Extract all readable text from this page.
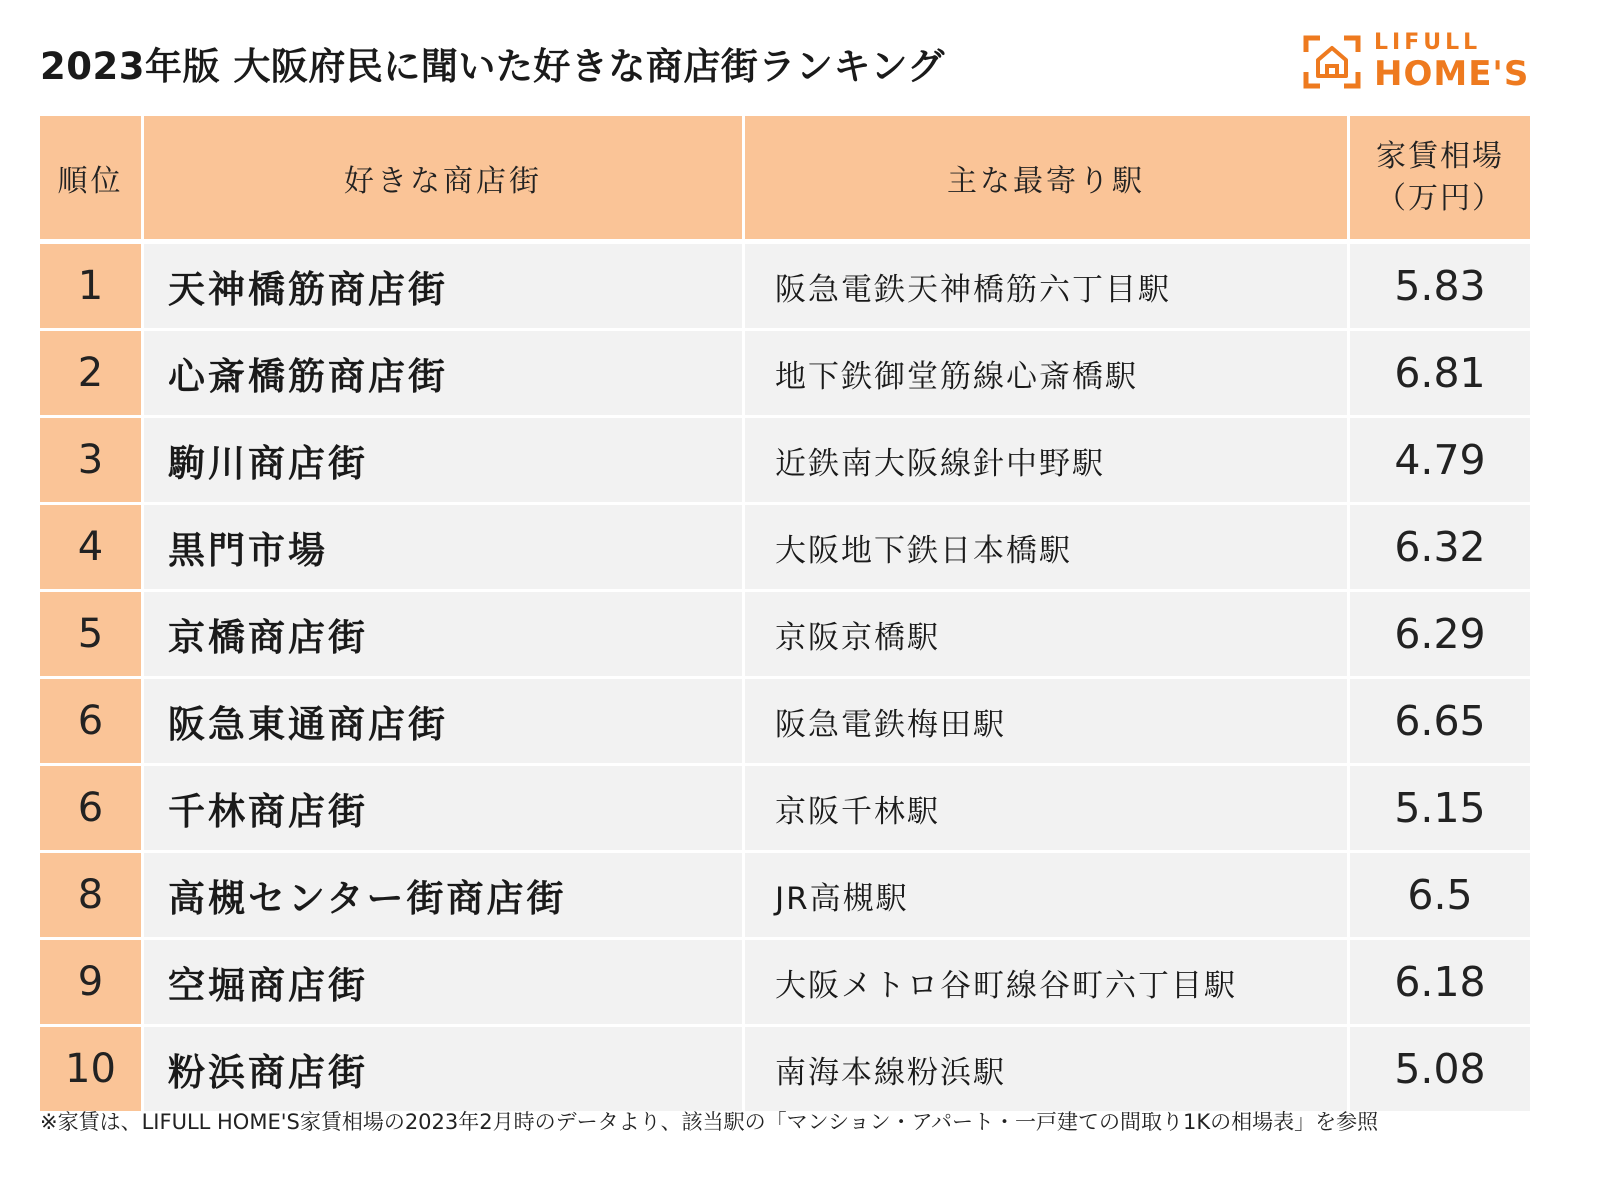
2023年版 大阪府民に聞いた好きな商店街ランキング
LIFULL
HOME'S
順位	好きな商店街	主な最寄り駅	家賃相場
（万円）

1	天神橋筋商店街	阪急電鉄天神橋筋六丁目駅	5.83
2	心斎橋筋商店街	地下鉄御堂筋線心斎橋駅	6.81
3	駒川商店街	近鉄南大阪線針中野駅	4.79
4	黒門市場	大阪地下鉄日本橋駅	6.32
5	京橋商店街	京阪京橋駅	6.29
6	阪急東通商店街	阪急電鉄梅田駅	6.65
6	千林商店街	京阪千林駅	5.15
8	高槻センター街商店街	JR高槻駅	6.5
9	空堀商店街	大阪メトロ谷町線谷町六丁目駅	6.18
10	粉浜商店街	南海本線粉浜駅	5.08
※家賃は、LIFULL HOME'S家賃相場の2023年2月時のデータより、該当駅の「マンション・アパート・一戸建ての間取り1Kの相場表」を参照
